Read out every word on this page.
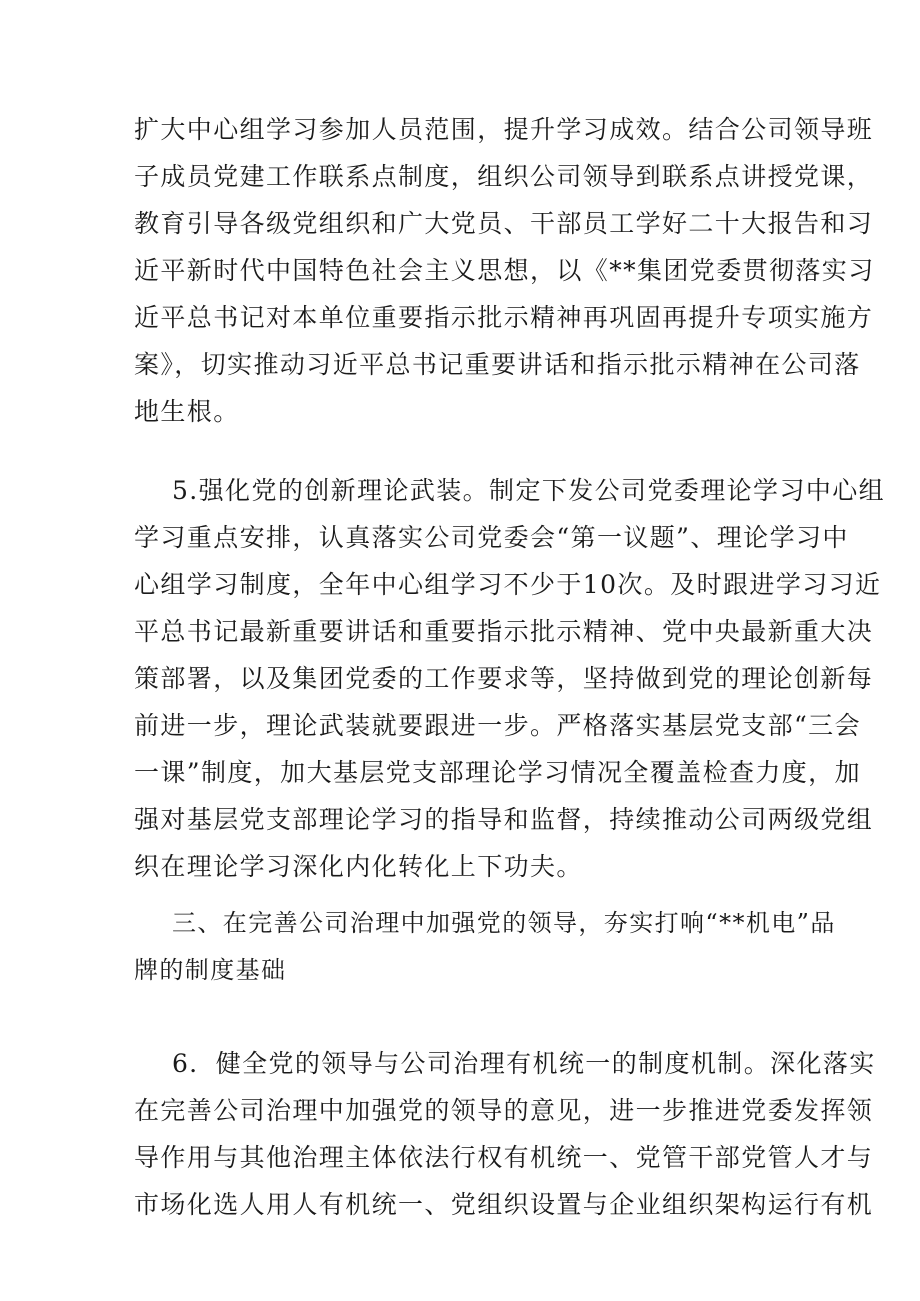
扩大中心组学习参加人员范围，提升学习成效。结合公司领导班
子成员党建工作联系点制度，组织公司领导到联系点讲授党课，
教育引导各级党组织和广大党员、干部员工学好二十大报告和习
近平新时代中国特色社会主义思想，以《**集团党委贯彻落实习
近平总书记对本单位重要指示批示精神再巩固再提升专项实施方
案》，切实推动习近平总书记重要讲话和指示批示精神在公司落
地生根。
5.强化党的创新理论武装。制定下发公司党委理论学习中心组
学习重点安排，认真落实公司党委会“第一议题”、理论学习中
心组学习制度，全年中心组学习不少于10次。及时跟进学习习近
平总书记最新重要讲话和重要指示批示精神、党中央最新重大决
策部署，以及集团党委的工作要求等，坚持做到党的理论创新每
前进一步，理论武装就要跟进一步。严格落实基层党支部“三会
一课”制度，加大基层党支部理论学习情况全覆盖检查力度，加
强对基层党支部理论学习的指导和监督，持续推动公司两级党组
织在理论学习深化内化转化上下功夫。
三、在完善公司治理中加强党的领导，夯实打响“**机电”品
牌的制度基础
6．健全党的领导与公司治理有机统一的制度机制。深化落实
在完善公司治理中加强党的领导的意见，进一步推进党委发挥领
导作用与其他治理主体依法行权有机统一、党管干部党管人才与
市场化选人用人有机统一、党组织设置与企业组织架构运行有机
